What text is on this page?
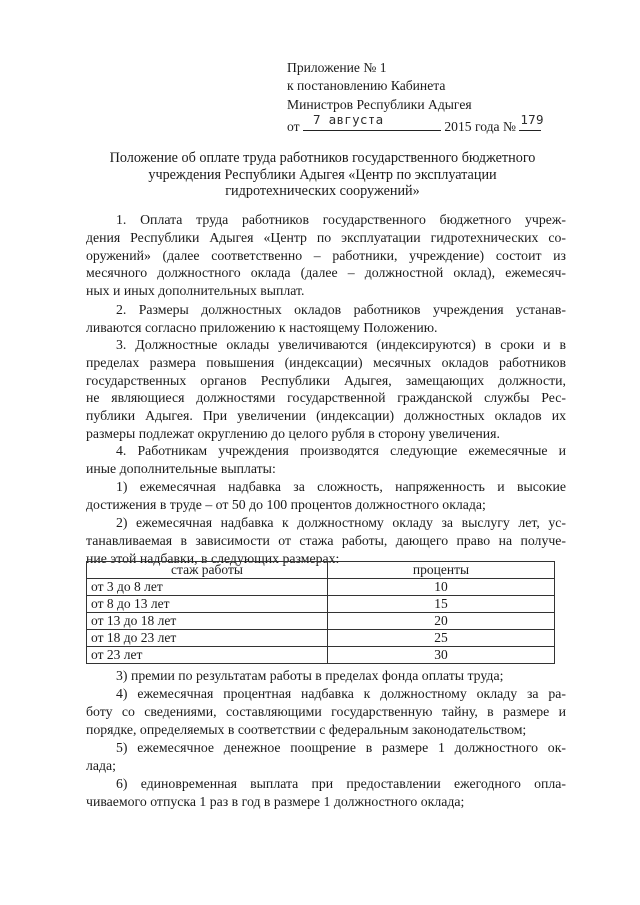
Приложение № 1
к постановлению Кабинета
Министров Республики Адыгея
от 7 августа	2015 года № 179
Положение об оплате труда работников государственного бюджетного
учреждения Республики Адыгея «Центр по эксплуатации
гидротехнических сооружений»
1. Оплата труда работников государственного бюджетного учреж-
дения Республики Адыгея «Центр по эксплуатации гидротехнических со-
оружений» (далее соответственно – работники, учреждение) состоит из
месячного должностного оклада (далее – должностной оклад), ежемесяч-
ных и иных дополнительных выплат.
2. Размеры должностных окладов работников учреждения устанав-
ливаются согласно приложению к настоящему Положению.
3. Должностные оклады увеличиваются (индексируются) в сроки и в
пределах размера повышения (индексации) месячных окладов работников
государственных органов Республики Адыгея, замещающих должности,
не являющиеся должностями государственной гражданской службы Рес-
публики Адыгея. При увеличении (индексации) должностных окладов их
размеры подлежат округлению до целого рубля в сторону увеличения.
4. Работникам учреждения производятся следующие ежемесячные и
иные дополнительные выплаты:
1) ежемесячная надбавка за сложность, напряженность и высокие
достижения в труде – от 50 до 100 процентов должностного оклада;
2) ежемесячная надбавка к должностному окладу за выслугу лет, ус-
танавливаемая в зависимости от стажа работы, дающего право на получе-
ние этой надбавки, в следующих размерах:
стаж работы	проценты
от 3 до 8 лет	10
от 8 до 13 лет	15
от 13 до 18 лет	20
от 18 до 23 лет	25
от 23 лет	30
3) премии по результатам работы в пределах фонда оплаты труда;
4) ежемесячная процентная надбавка к должностному окладу за ра-
боту со сведениями, составляющими государственную тайну, в размере и
порядке, определяемых в соответствии с федеральным законодательством;
5) ежемесячное денежное поощрение в размере 1 должностного ок-
лада;
6) единовременная выплата при предоставлении ежегодного опла-
чиваемого отпуска 1 раз в год в размере 1 должностного оклада;
